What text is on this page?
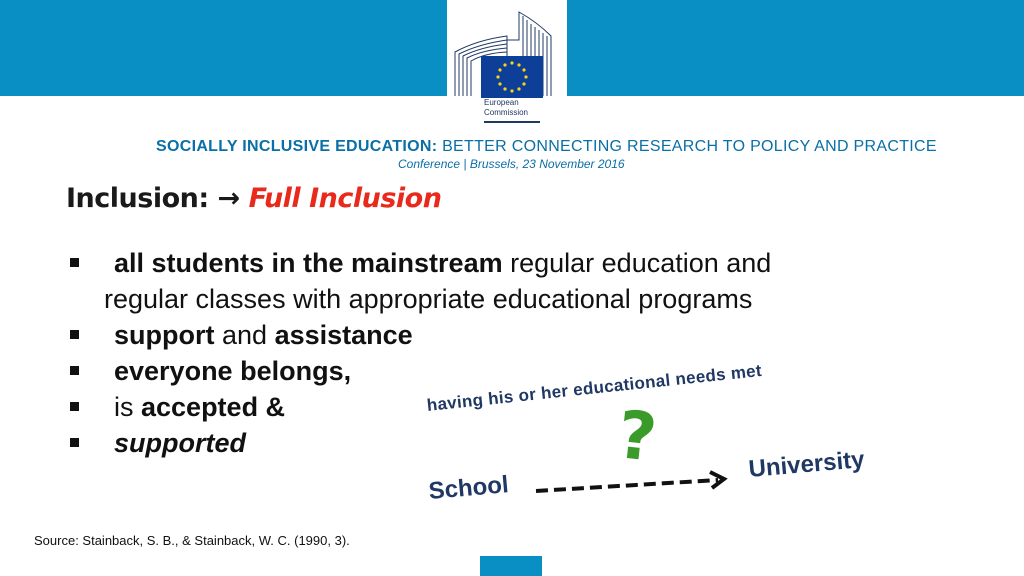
European
Commission
SOCIALLY INCLUSIVE EDUCATION: BETTER CONNECTING RESEARCH TO POLICY AND PRACTICE
Conference | Brussels, 23 November 2016
Inclusion: → Full Inclusion
all students in the mainstream regular education and
regular classes with appropriate educational programs
support and assistance
everyone belongs,
is accepted &
supported
having his or her educational needs met
?
School
University
Source: Stainback, S. B., & Stainback, W. C. (1990, 3).
